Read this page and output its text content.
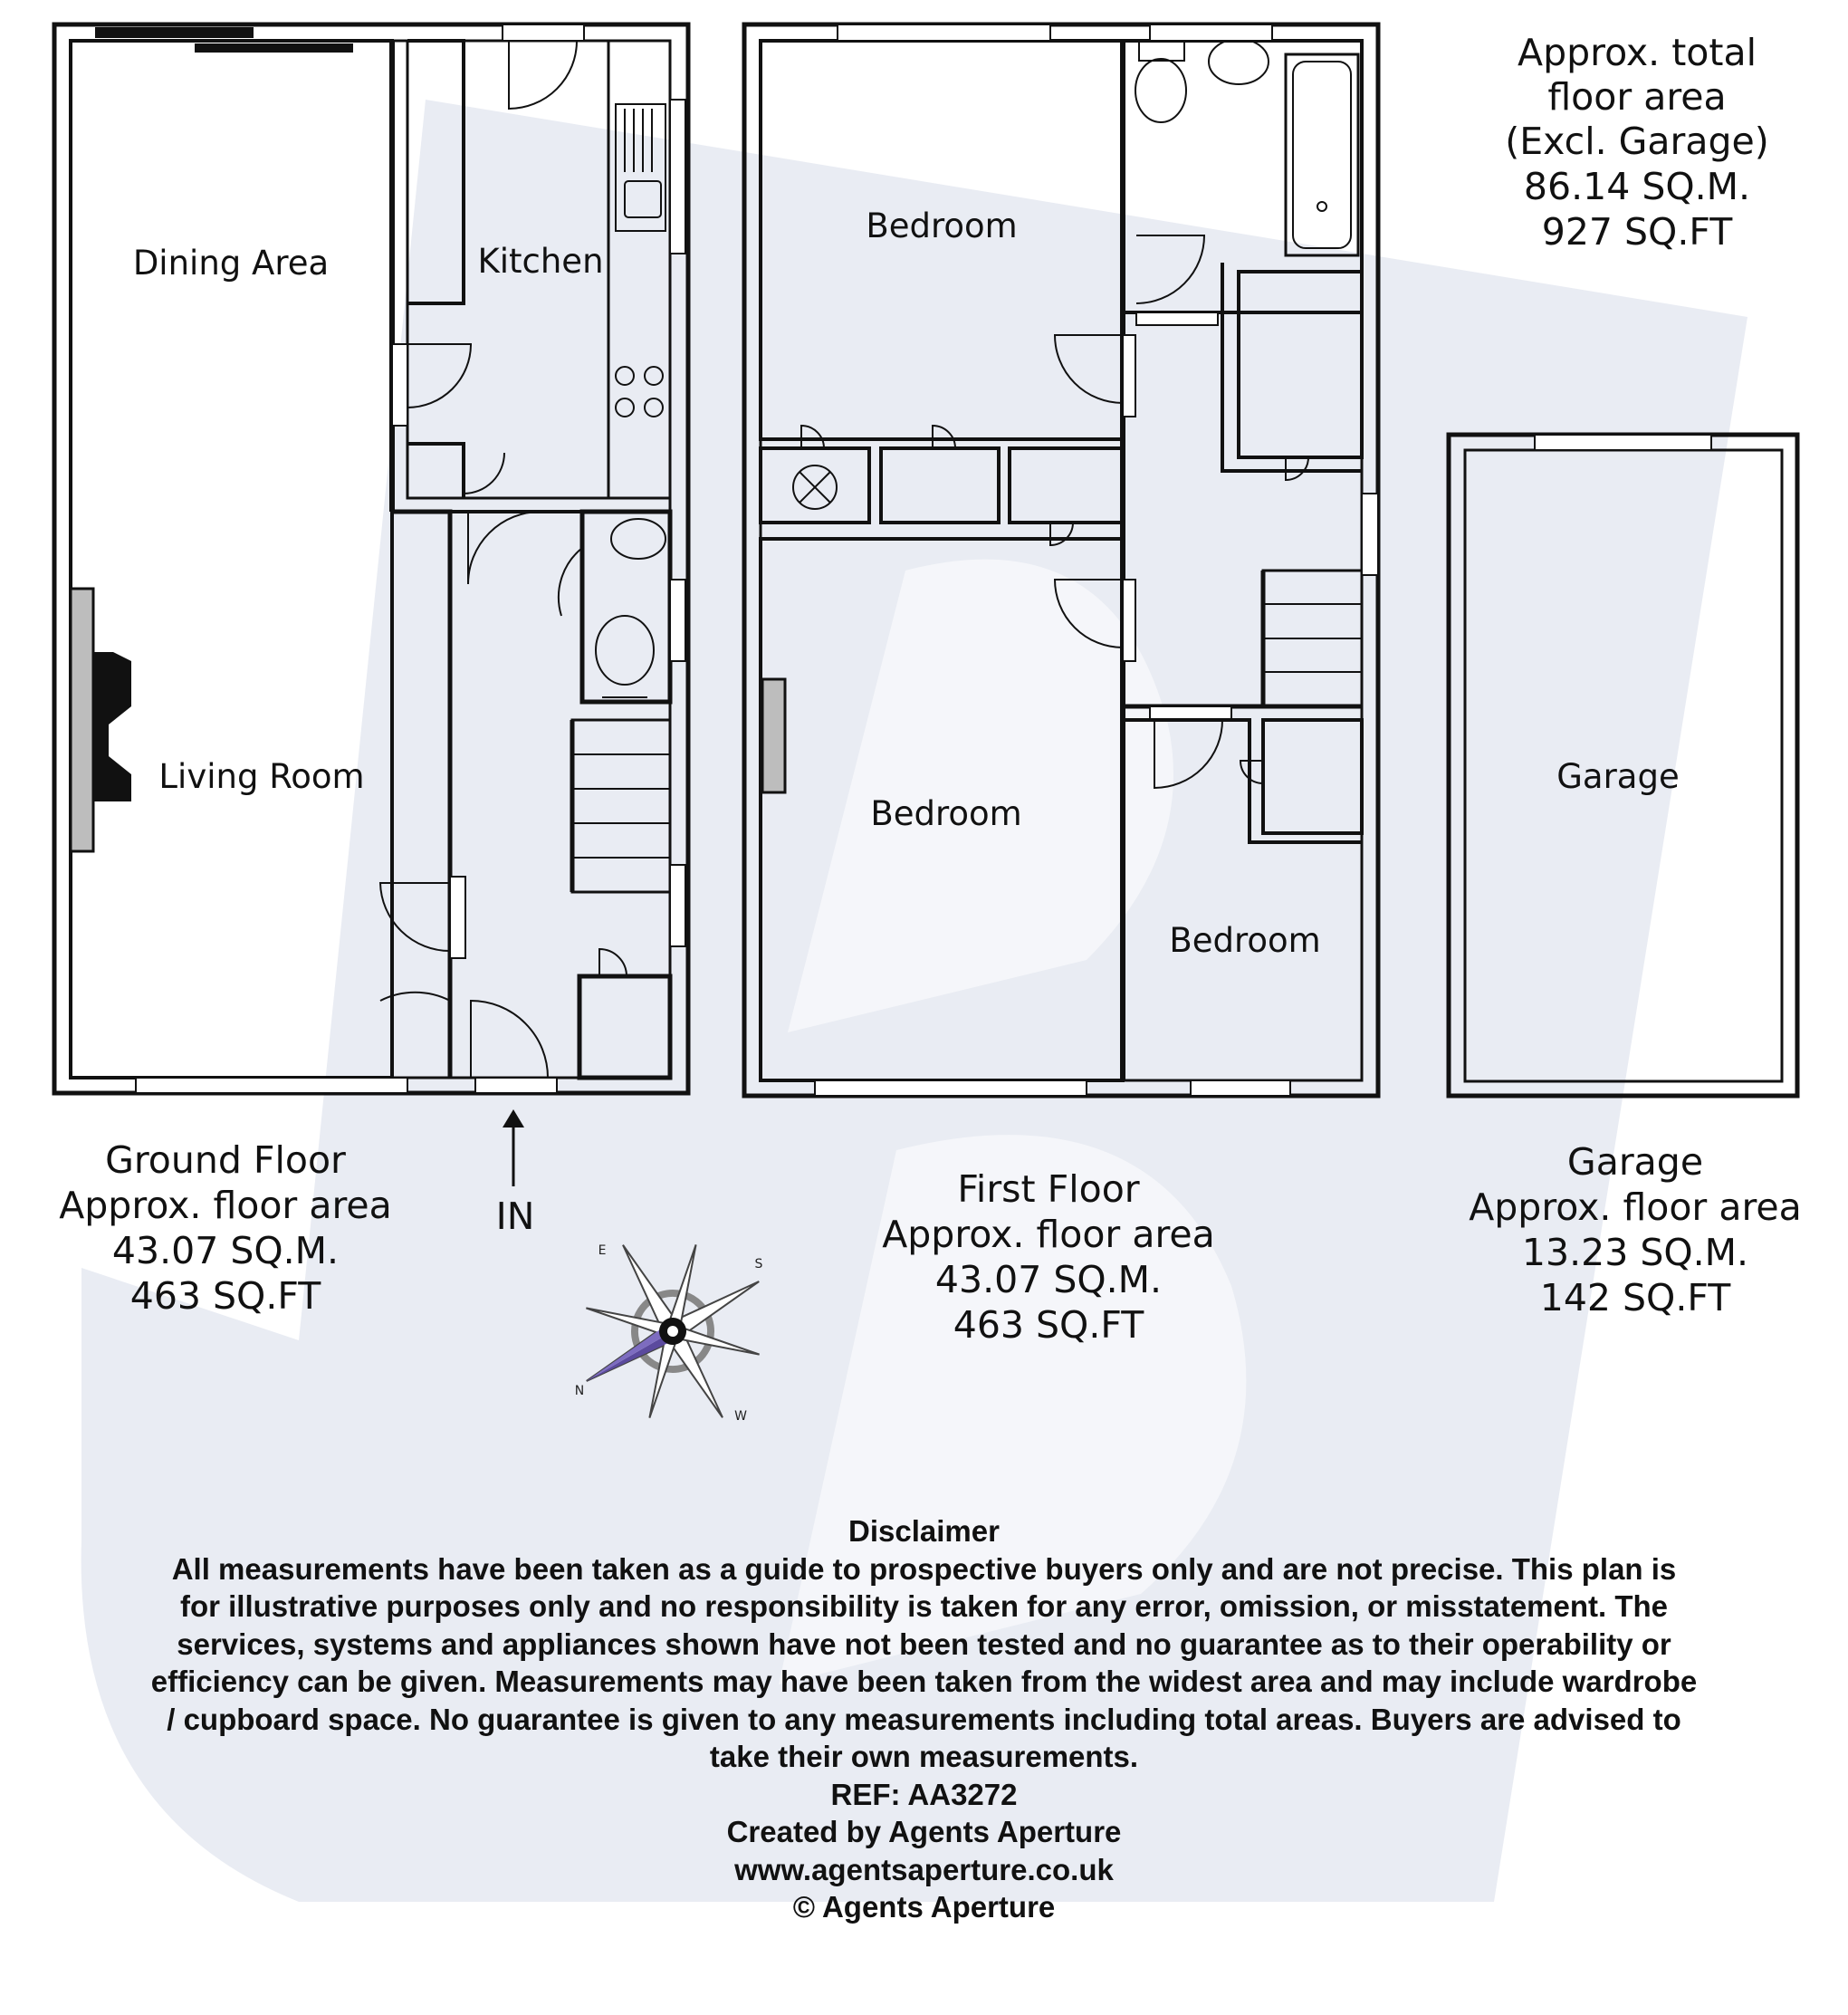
N
E
S
W
Dining Area	Kitchen
Living Room
Bedroom
Bedroom
Bedroom
Garage
IN
Approx. total
floor area
(Excl. Garage)
86.14 SQ.M.
927 SQ.FT
Ground Floor
Approx. floor area
43.07 SQ.M.
463 SQ.FT
First Floor
Approx. floor area
43.07 SQ.M.
463 SQ.FT
Garage
Approx. floor area
13.23 SQ.M.
142 SQ.FT
Disclaimer
All measurements have been taken as a guide to prospective buyers only and are not precise. This plan is
for illustrative purposes only and no responsibility is taken for any error, omission, or misstatement. The
services, systems and appliances shown have not been tested and no guarantee as to their operability or
efficiency can be given. Measurements may have been taken from the widest area and may include wardrobe
/ cupboard space. No guarantee is given to any measurements including total areas. Buyers are advised to
take their own measurements.
REF: AA3272
Created by Agents Aperture
www.agentsaperture.co.uk
© Agents Aperture
